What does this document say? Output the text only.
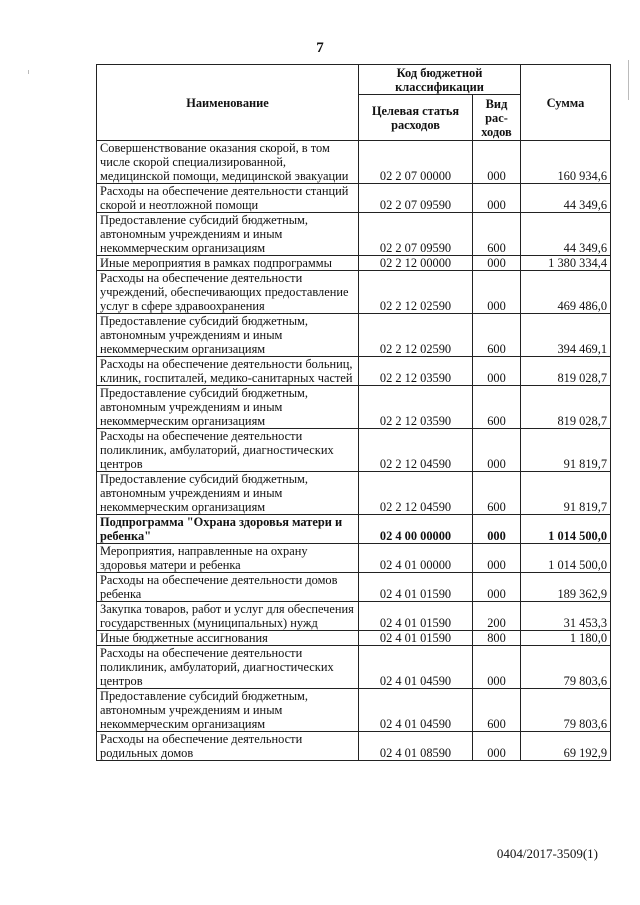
7
Наименование	Код бюджетной классификации		Сумма
	Целевая статья расходов	Вид рас-ходов	
Совершенствование оказания скорой, в том числе скорой специализированной, медицинской помощи, медицинской эвакуации	02 2 07 00000	000	160 934,6
Расходы на обеспечение деятельности станций скорой и неотложной помощи	02 2 07 09590	000	44 349,6
Предоставление субсидий бюджетным, автономным учреждениям и иным некоммерческим организациям	02 2 07 09590	600	44 349,6
Иные мероприятия в рамках подпрограммы	02 2 12 00000	000	1 380 334,4
Расходы на обеспечение деятельности учреждений, обеспечивающих предоставление услуг в сфере здравоохранения	02 2 12 02590	000	469 486,0
Предоставление субсидий бюджетным, автономным учреждениям и иным некоммерческим организациям	02 2 12 02590	600	394 469,1
Расходы на обеспечение деятельности больниц, клиник, госпиталей, медико-санитарных частей	02 2 12 03590	000	819 028,7
Предоставление субсидий бюджетным, автономным учреждениям и иным некоммерческим организациям	02 2 12 03590	600	819 028,7
Расходы на обеспечение деятельности поликлиник, амбулаторий, диагностических центров	02 2 12 04590	000	91 819,7
Предоставление субсидий бюджетным, автономным учреждениям и иным некоммерческим организациям	02 2 12 04590	600	91 819,7
Подпрограмма "Охрана здоровья матери и ребенка"	02 4 00 00000	000	1 014 500,0
Мероприятия, направленные на охрану здоровья матери и ребенка	02 4 01 00000	000	1 014 500,0
Расходы на обеспечение деятельности домов ребенка	02 4 01 01590	000	189 362,9
Закупка товаров, работ и услуг для обеспечения государственных (муниципальных) нужд	02 4 01 01590	200	31 453,3
Иные бюджетные ассигнования	02 4 01 01590	800	1 180,0
Расходы на обеспечение деятельности поликлиник, амбулаторий, диагностических центров	02 4 01 04590	000	79 803,6
Предоставление субсидий бюджетным, автономным учреждениям и иным некоммерческим организациям	02 4 01 04590	600	79 803,6
Расходы на обеспечение деятельности родильных домов	02 4 01 08590	000	69 192,9
0404/2017-3509(1)
